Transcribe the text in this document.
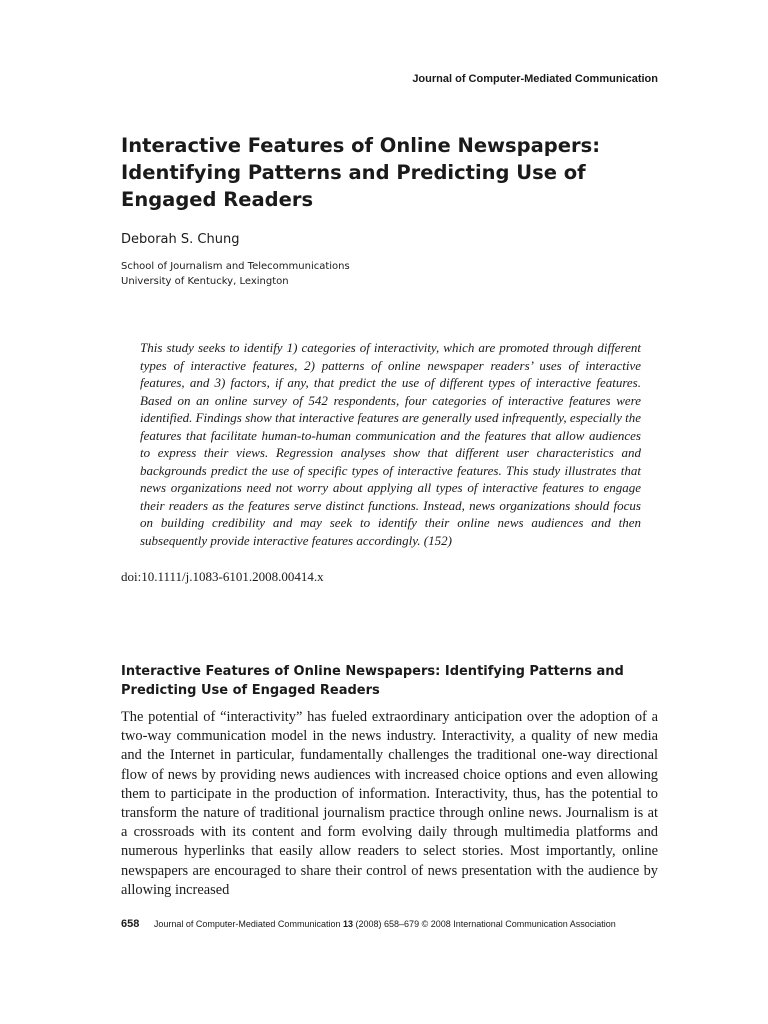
Journal of Computer-Mediated Communication
Interactive Features of Online Newspapers: Identifying Patterns and Predicting Use of Engaged Readers
Deborah S. Chung
School of Journalism and Telecommunications
University of Kentucky, Lexington

This study seeks to identify 1) categories of interactivity, which are promoted through different types of interactive features, 2) patterns of online newspaper readers’ uses of interactive features, and 3) factors, if any, that predict the use of different types of interactive features. Based on an online survey of 542 respondents, four categories of interactive features were identified. Findings show that interactive features are generally used infrequently, especially the features that facilitate human-to-human communication and the features that allow audiences to express their views. Regression analyses show that different user characteristics and backgrounds predict the use of specific types of interactive features. This study illustrates that news organizations need not worry about applying all types of interactive features to engage their readers as the features serve distinct functions. Instead, news organizations should focus on building credibility and may seek to identify their online news audiences and then subsequently provide interactive features accordingly. (152)

doi:10.1111/j.1083-6101.2008.00414.x
Interactive Features of Online Newspapers: Identifying Patterns and Predicting Use of Engaged Readers

The potential of “interactivity” has fueled extraordinary anticipation over the adoption of a two-way communication model in the news industry. Interactivity, a quality of new media and the Internet in particular, fundamentally challenges the traditional one-way directional flow of news by providing news audiences with increased choice options and even allowing them to participate in the production of information. Interactivity, thus, has the potential to transform the nature of traditional journalism practice through online news. Journalism is at a crossroads with its content and form evolving daily through multimedia platforms and numerous hyperlinks that easily allow readers to select stories. Most importantly, online newspapers are encouraged to share their control of news presentation with the audience by allowing increased

658 Journal of Computer-Mediated Communication 13 (2008) 658–679 © 2008 International Communication Association
